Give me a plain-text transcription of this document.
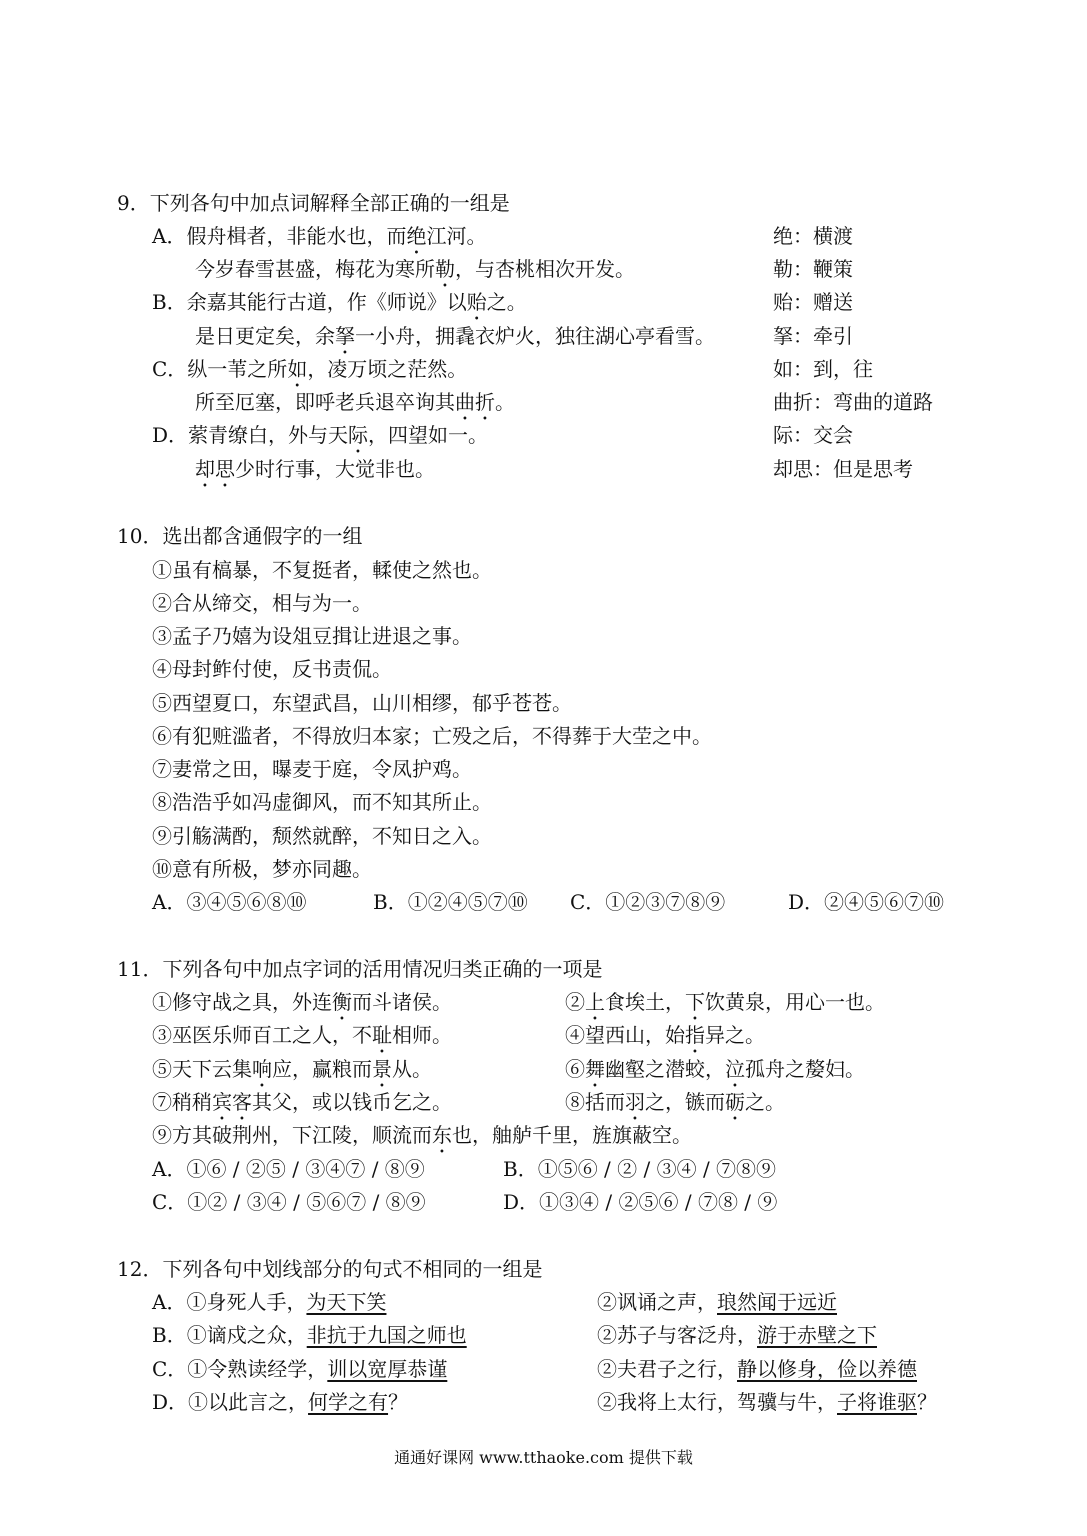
9．下列各句中加点词解释全部正确的一组是
A．假舟楫者，非能水也，而绝江河。	绝：横渡
今岁春雪甚盛，梅花为寒所勒，与杏桃相次开发。	勒：鞭策
B．余嘉其能行古道，作《师说》以贻之。	贻：赠送
是日更定矣，余拏一小舟，拥毳衣炉火，独往湖心亭看雪。	拏：牵引
C．纵一苇之所如，凌万顷之茫然。	如：到，往
所至厄塞，即呼老兵退卒询其曲折。	曲折：弯曲的道路
D．萦青缭白，外与天际，四望如一。	际：交会
却思少时行事，大觉非也。	却思：但是思考
10．选出都含通假字的一组
①虽有槁暴，不复挺者，輮使之然也。
②合从缔交，相与为一。
③孟子乃嬉为设俎豆揖让进退之事。
④母封鲊付使，反书责侃。
⑤西望夏口，东望武昌，山川相缪，郁乎苍苍。
⑥有犯赃滥者，不得放归本家；亡殁之后，不得葬于大茔之中。
⑦妻常之田，曝麦于庭，令凤护鸡。
⑧浩浩乎如冯虚御风，而不知其所止。
⑨引觞满酌，颓然就醉，不知日之入。
⑩意有所极，梦亦同趣。
A．③④⑤⑥⑧⑩	B．①②④⑤⑦⑩ C．①②③⑦⑧⑨	D．②④⑤⑥⑦⑩
11．下列各句中加点字词的活用情况归类正确的一项是
①修守战之具，外连衡而斗诸侯。	②上食埃土，下饮黄泉，用心一也。
③巫医乐师百工之人，不耻相师。	④望西山，始指异之。
⑤天下云集响应，赢粮而景从。	⑥舞幽壑之潜蛟，泣孤舟之嫠妇。
⑦稍稍宾客其父，或以钱币乞之。	⑧括而羽之，镞而砺之。
⑨方其破荆州，下江陵，顺流而东也，舳舻千里，旌旗蔽空。
A．①⑥ / ②⑤ / ③④⑦ / ⑧⑨	B．①⑤⑥ / ② / ③④ / ⑦⑧⑨
C．①② / ③④ / ⑤⑥⑦ / ⑧⑨	D．①③④ / ②⑤⑥ / ⑦⑧ / ⑨
12．下列各句中划线部分的句式不相同的一组是
A．①身死人手，为天下笑	②讽诵之声，琅然闻于远近
B．①谪戍之众，非抗于九国之师也	②苏子与客泛舟，游于赤壁之下
C．①令熟读经学，训以宽厚恭谨	②夫君子之行，静以修身，俭以养德
D．①以此言之，何学之有？	②我将上太行，驾骥与牛，子将谁驱？
通通好课网 www.tthaoke.com 提供下载
